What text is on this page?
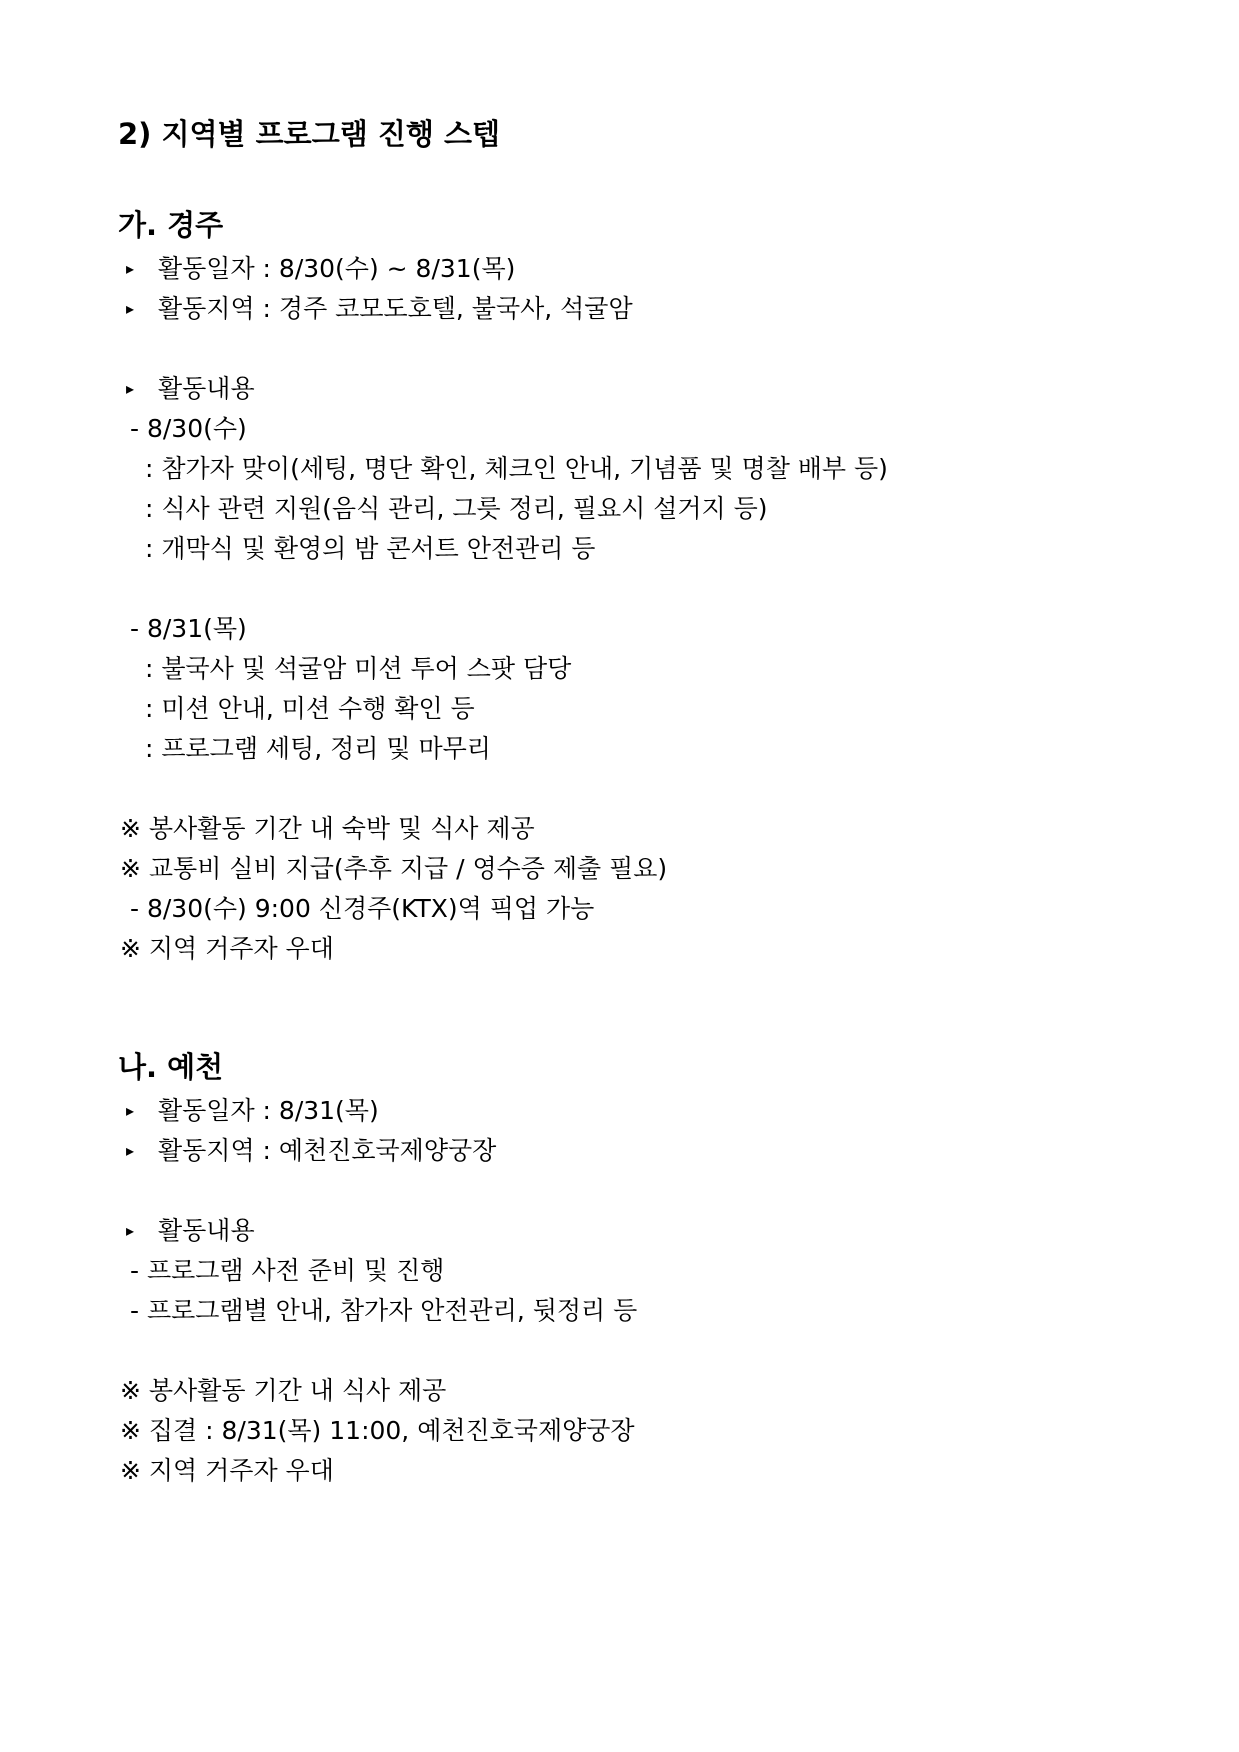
2) 지역별 프로그램 진행 스텝
가. 경주
▸ 활동일자 : 8/30(수) ~ 8/31(목)
▸ 활동지역 : 경주 코모도호텔, 불국사, 석굴암
▸ 활동내용
- 8/30(수)
: 참가자 맞이(세팅, 명단 확인, 체크인 안내, 기념품 및 명찰 배부 등)
: 식사 관련 지원(음식 관리, 그릇 정리, 필요시 설거지 등)
: 개막식 및 환영의 밤 콘서트 안전관리 등
- 8/31(목)
: 불국사 및 석굴암 미션 투어 스팟 담당
: 미션 안내, 미션 수행 확인 등
: 프로그램 세팅, 정리 및 마무리
※ 봉사활동 기간 내 숙박 및 식사 제공
※ 교통비 실비 지급(추후 지급 / 영수증 제출 필요)
- 8/30(수) 9:00 신경주(KTX)역 픽업 가능
※ 지역 거주자 우대
나. 예천
▸ 활동일자 : 8/31(목)
▸ 활동지역 : 예천진호국제양궁장
▸ 활동내용
- 프로그램 사전 준비 및 진행
- 프로그램별 안내, 참가자 안전관리, 뒷정리 등
※ 봉사활동 기간 내 식사 제공
※ 집결 : 8/31(목) 11:00, 예천진호국제양궁장
※ 지역 거주자 우대
